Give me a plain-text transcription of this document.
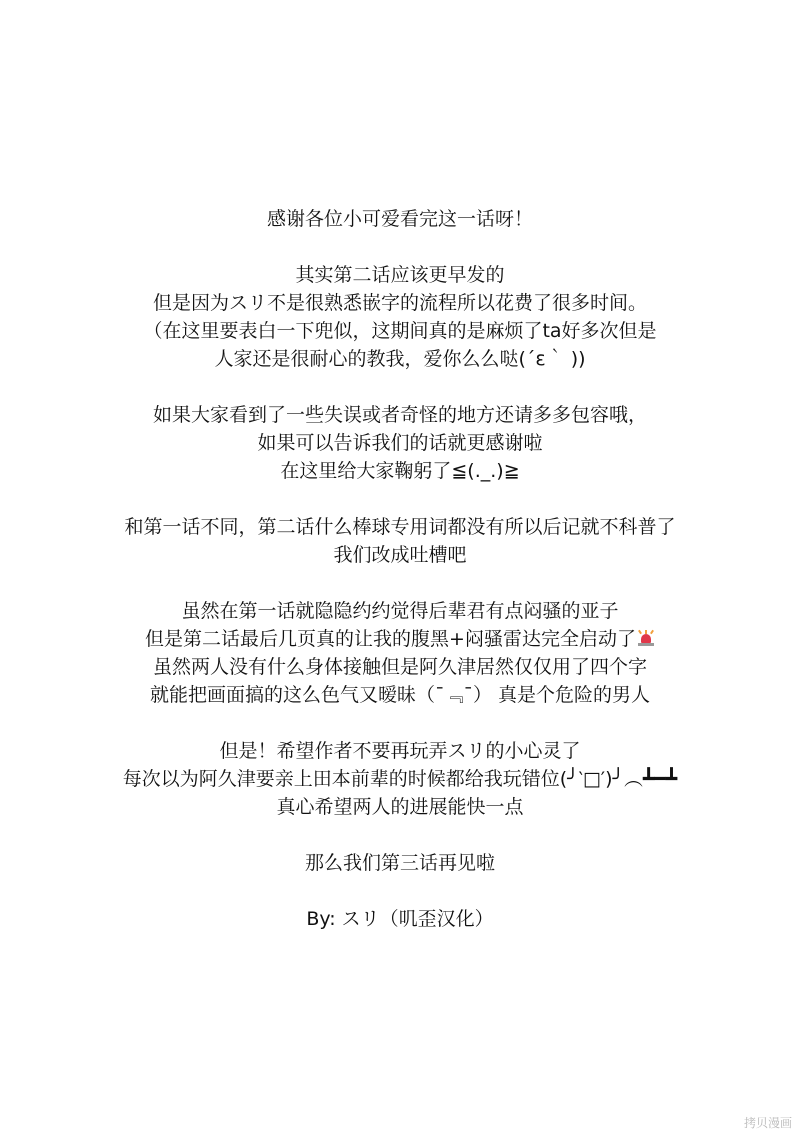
感谢各位小可爱看完这一话呀！

其实第二话应该更早发的
但是因为スリ不是很熟悉嵌字的流程所以花费了很多时间。
（在这里要表白一下兜似，这期间真的是麻烦了ta好多次但是
人家还是很耐心的教我，爱你么么哒(´ε｀ ))

如果大家看到了一些失误或者奇怪的地方还请多多包容哦，
如果可以告诉我们的话就更感谢啦
在这里给大家鞠躬了≦(._.)≧

和第一话不同，第二话什么棒球专用词都没有所以后记就不科普了
我们改成吐槽吧

虽然在第一话就隐隐约约觉得后辈君有点闷骚的亚子
但是第二话最后几页真的让我的腹黑+闷骚雷达完全启动了
虽然两人没有什么身体接触但是阿久津居然仅仅用了四个字
就能把画面搞的这么色气又暧昧（¯﹃¯） 真是个危险的男人

但是！希望作者不要再玩弄スリ的小心灵了
每次以为阿久津要亲上田本前辈的时候都给我玩错位(╯‵□′)╯︵┻━┻
真心希望两人的进展能快一点

那么我们第三话再见啦

By: スリ（叽歪汉化）

拷贝漫画
